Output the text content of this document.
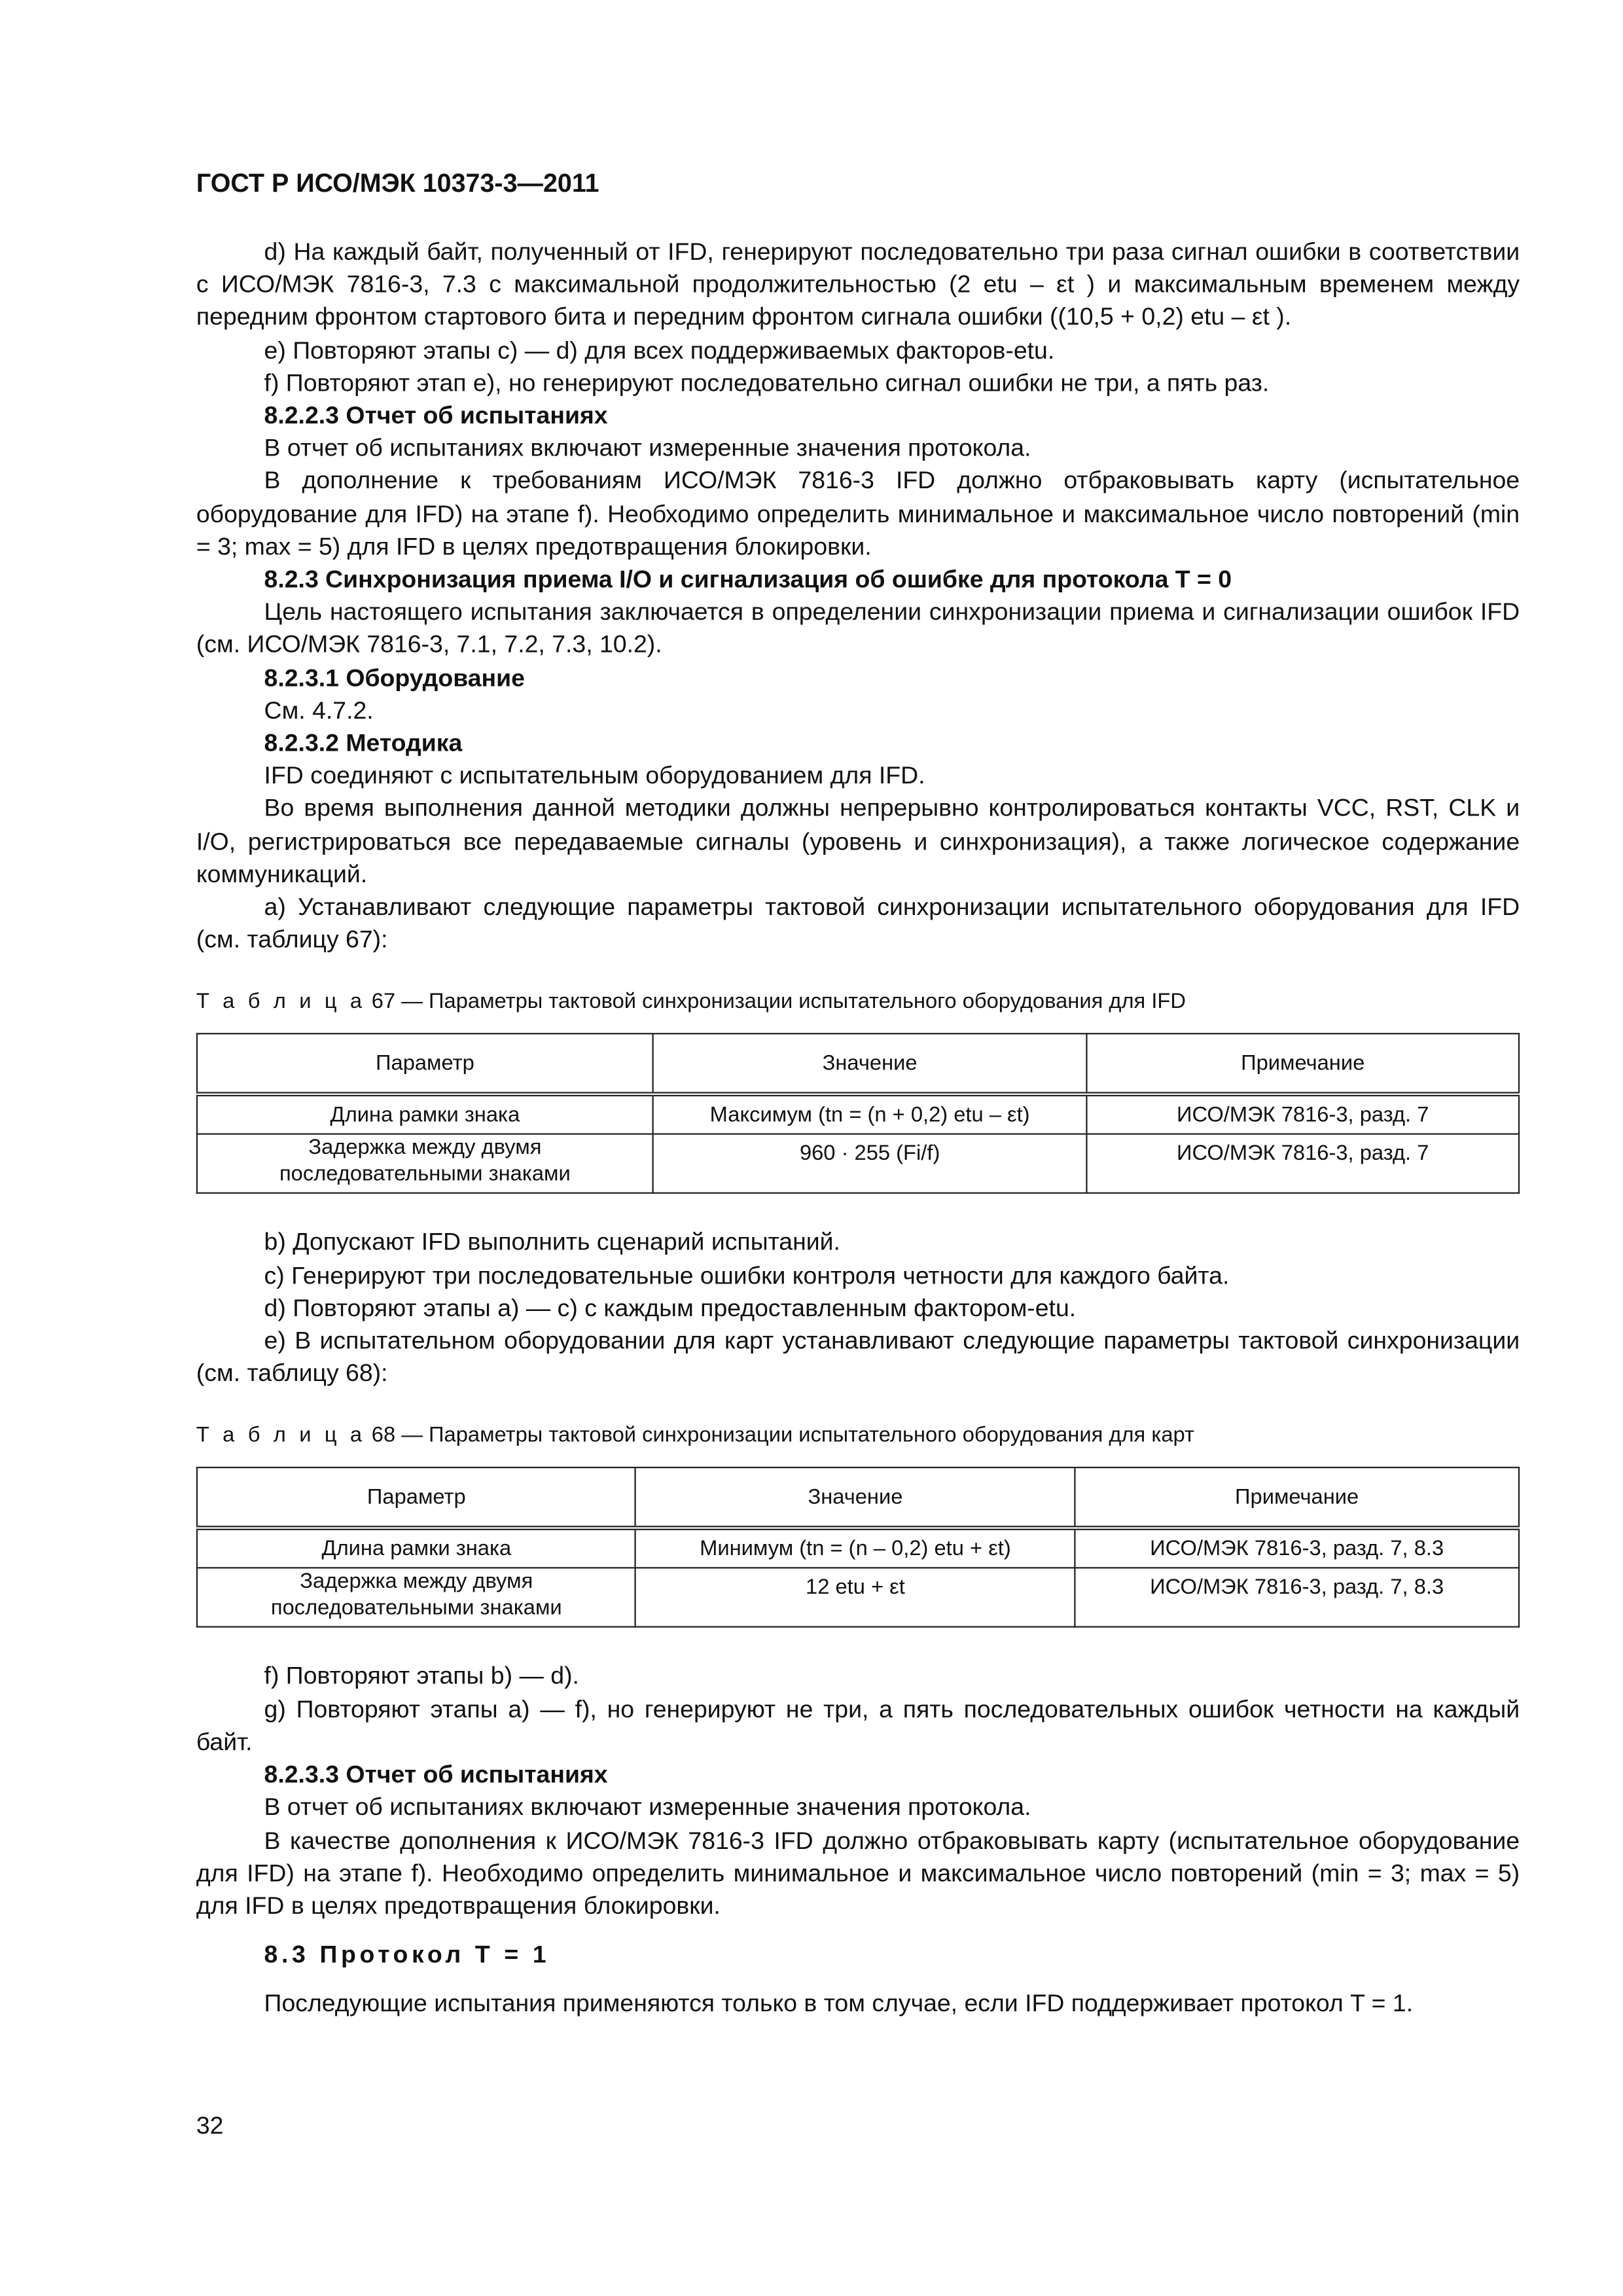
ГОСТ Р ИСО/МЭК 10373-3—2011

d) На каждый байт, полученный от IFD, генерируют последовательно три раза сигнал ошибки в соответствии с ИСО/МЭК 7816-3, 7.3 с максимальной продолжительностью (2 etu – εt ) и максимальным временем между передним фронтом стартового бита и передним фронтом сигнала ошибки ((10,5 + 0,2) etu – εt ).

e) Повторяют этапы c) — d) для всех поддерживаемых факторов-etu.

f) Повторяют этап e), но генерируют последовательно сигнал ошибки не три, а пять раз.

8.2.2.3 Отчет об испытаниях

В отчет об испытаниях включают измеренные значения протокола.

В дополнение к требованиям ИСО/МЭК 7816-3 IFD должно отбраковывать карту (испытательное оборудование для IFD) на этапе f). Необходимо определить минимальное и максимальное число повторений (min = 3; max = 5) для IFD в целях предотвращения блокировки.

8.2.3 Синхронизация приема I/O и сигнализация об ошибке для протокола T = 0

Цель настоящего испытания заключается в определении синхронизации приема и сигнализации ошибок IFD (см. ИСО/МЭК 7816-3, 7.1, 7.2, 7.3, 10.2).

8.2.3.1 Оборудование

См. 4.7.2.

8.2.3.2 Методика

IFD соединяют с испытательным оборудованием для IFD.

Во время выполнения данной методики должны непрерывно контролироваться контакты VCC, RST, CLK и I/O, регистрироваться все передаваемые сигналы (уровень и синхронизация), а также логическое содержание коммуникаций.

a) Устанавливают следующие параметры тактовой синхронизации испытательного оборудования для IFD (см. таблицу 67):

Т а б л и ц а 67 — Параметры тактовой синхронизации испытательного оборудования для IFD
Параметр	Значение	Примечание
Длина рамки знака	Максимум (tn = (n + 0,2) etu – εt)	ИСО/МЭК 7816-3, разд. 7
Задержка между двумя последовательными знаками	960 · 255 (Fi/f)	ИСО/МЭК 7816-3, разд. 7

b) Допускают IFD выполнить сценарий испытаний.

c) Генерируют три последовательные ошибки контроля четности для каждого байта.

d) Повторяют этапы a) — c) с каждым предоставленным фактором-etu.

e) В испытательном оборудовании для карт устанавливают следующие параметры тактовой синхронизации (см. таблицу 68):

Т а б л и ц а 68 — Параметры тактовой синхронизации испытательного оборудования для карт
Параметр	Значение	Примечание
Длина рамки знака	Минимум (tn = (n – 0,2) etu + εt)	ИСО/МЭК 7816-3, разд. 7, 8.3
Задержка между двумя последовательными знаками	12 etu + εt	ИСО/МЭК 7816-3, разд. 7, 8.3

f) Повторяют этапы b) — d).

g) Повторяют этапы a) — f), но генерируют не три, а пять последовательных ошибок четности на каждый байт.

8.2.3.3 Отчет об испытаниях

В отчет об испытаниях включают измеренные значения протокола.

В качестве дополнения к ИСО/МЭК 7816-3 IFD должно отбраковывать карту (испытательное оборудование для IFD) на этапе f). Необходимо определить минимальное и максимальное число повторений (min = 3; max = 5) для IFD в целях предотвращения блокировки.

8.3 Протокол T = 1

Последующие испытания применяются только в том случае, если IFD поддерживает протокол T = 1.

32
